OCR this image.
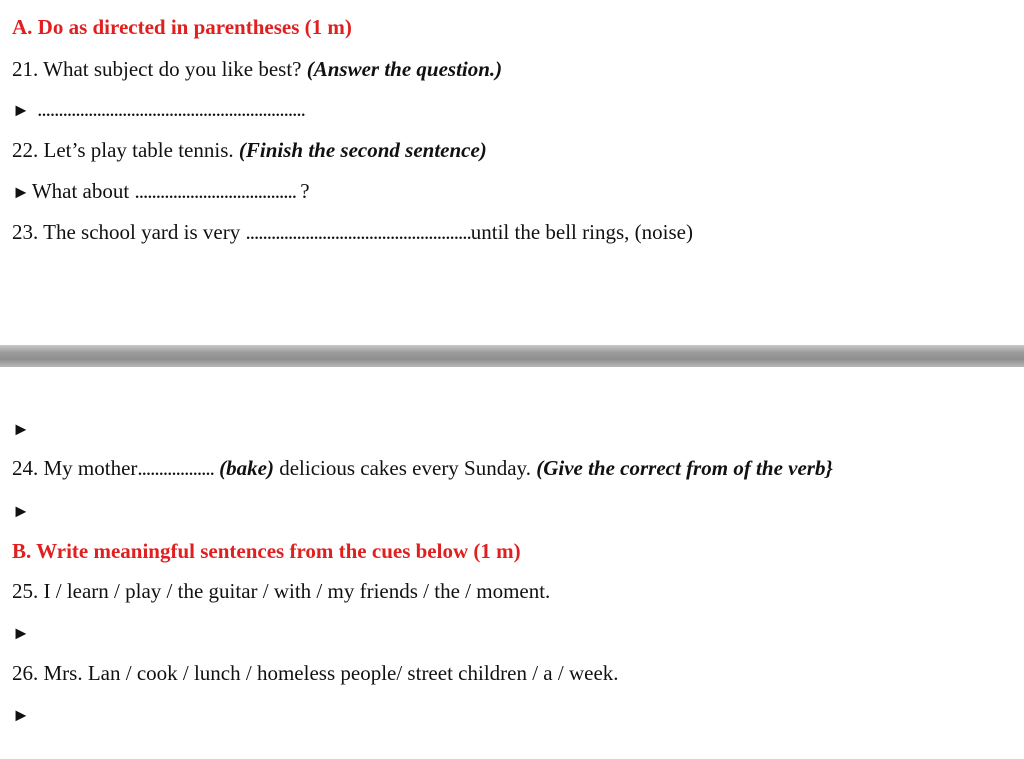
A. Do as directed in parentheses (1 m)
21. What subject do you like best? (Answer the question.)
► ...............................................................
22. Let’s play table tennis. (Finish the second sentence)
►What about ...................................... ?
23. The school yard is very .....................................................until the bell rings, (noise)
►
24. My mother.................. (bake) delicious cakes every Sunday. (Give the correct from of the verb}
►
B. Write meaningful sentences from the cues below (1 m)
25. I / learn / play / the guitar / with / my friends / the / moment.
►
26. Mrs. Lan / cook / lunch / homeless people/ street children / a / week.
►
